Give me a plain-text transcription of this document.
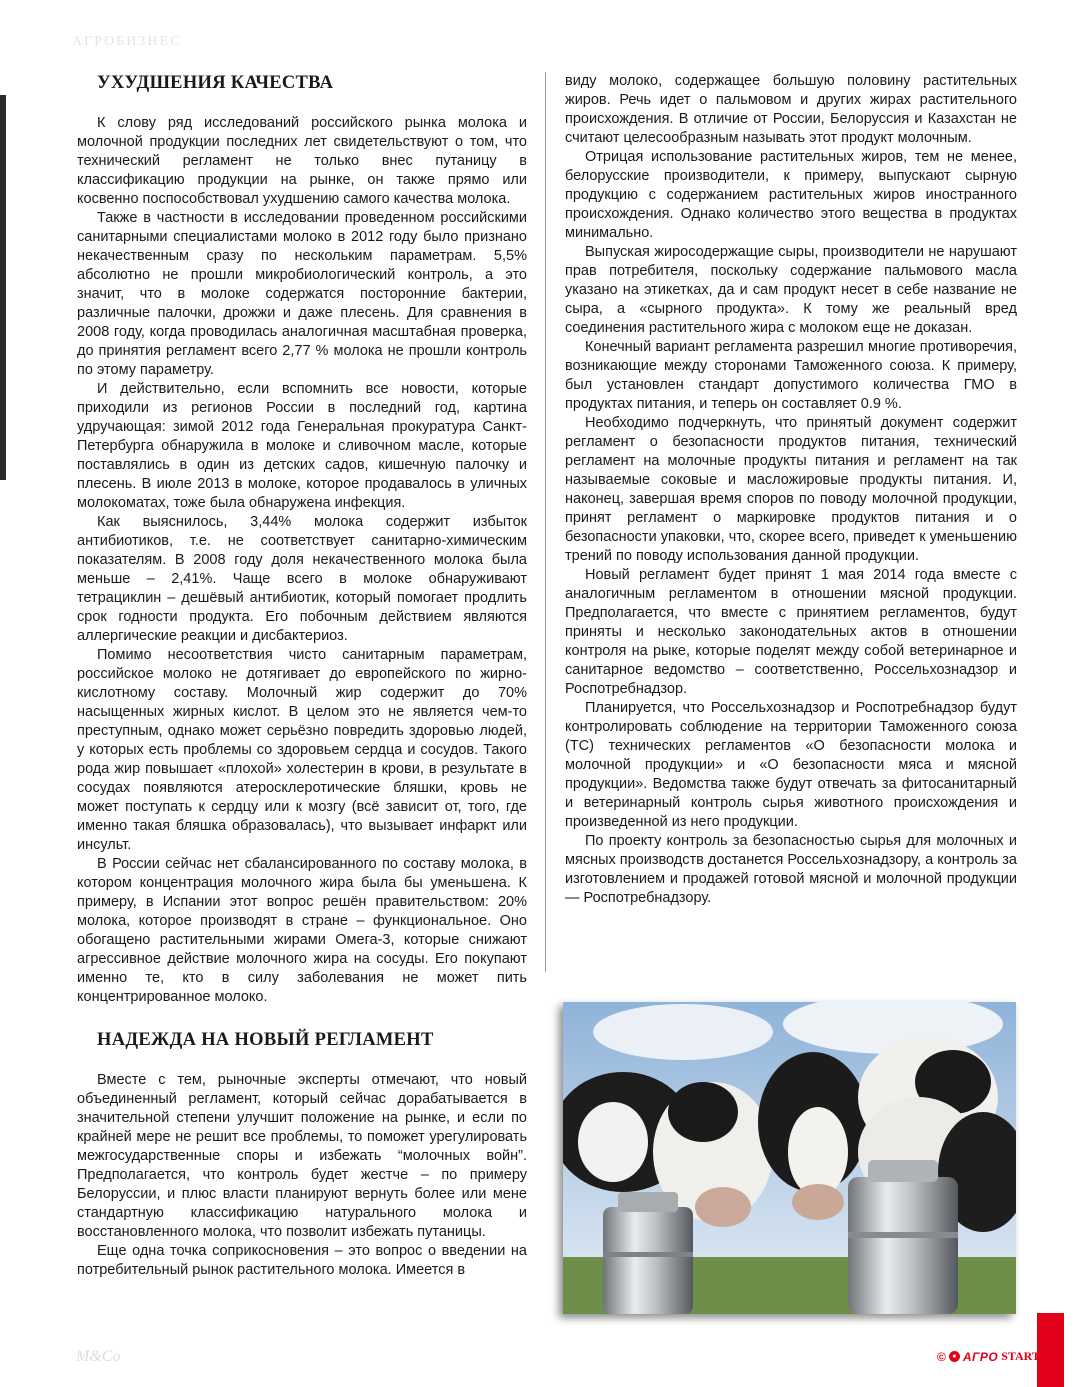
АГРОБИЗНЕС
УХУДШЕНИЯ КАЧЕСТВА

К слову ряд исследований российского рынка молока и молочной продукции последних лет свидетельствуют о том, что технический регламент не только внес путаницу в классификацию продукции на рынке, он также прямо или косвенно поспособствовал ухудшению самого качества молока.

Также в частности в исследовании проведенном российскими санитарными специалистами молоко в 2012 году было признано некачественным сразу по нескольким параметрам. 5,5% абсолютно не прошли микробиологический контроль, а это значит, что в молоке содержатся посторонние бактерии, различные палочки, дрожжи и даже плесень. Для сравнения в 2008 году, когда проводилась аналогичная масштабная проверка, до принятия регламент всего 2,77 % молока не прошли контроль по этому параметру.

И действительно, если вспомнить все новости, которые приходили из регионов России в последний год, картина удручающая: зимой 2012 года Генеральная прокуратура Санкт-Петербурга обнаружила в молоке и сливочном масле, которые поставлялись в один из детских садов, кишечную палочку и плесень. В июле 2013 в молоке, которое продавалось в уличных молокоматах, тоже была обнаружена инфекция.

Как выяснилось, 3,44% молока содержит избыток антибиотиков, т.е. не соответствует санитарно-химическим показателям. В 2008 году доля некачественного молока была меньше – 2,41%. Чаще всего в молоке обнаруживают тетрациклин – дешёвый антибиотик, который помогает продлить срок годности продукта. Его побочным действием являются аллергические реакции и дисбактериоз.

Помимо несоответствия чисто санитарным параметрам, российское молоко не дотягивает до европейского по жирно-кислотному составу. Молочный жир содержит до 70% насыщенных жирных кислот. В целом это не является чем-то преступным, однако может серьёзно повредить здоровью людей, у которых есть проблемы со здоровьем сердца и сосудов. Такого рода жир повышает «плохой» холестерин в крови, в результате в сосудах появляются атеросклеротические бляшки, кровь не может поступать к сердцу или к мозгу (всё зависит от, того, где именно такая бляшка образовалась), что вызывает инфаркт или инсульт.

В России сейчас нет сбалансированного по составу молока, в котором концентрация молочного жира была бы уменьшена. К примеру, в Испании этот вопрос решён правительством: 20% молока, которое производят в стране – функциональное. Оно обогащено растительными жирами Омега-3, которые снижают агрессивное действие молочного жира на сосуды. Его покупают именно те, кто в силу заболевания не может пить концентрированное молоко.

НАДЕЖДА НА НОВЫЙ РЕГЛАМЕНТ

Вместе с тем, рыночные эксперты отмечают, что новый объединенный регламент, который сейчас дорабатывается в значительной степени улучшит положение на рынке, и если по крайней мере не решит все проблемы, то поможет урегулировать межгосударственные споры и избежать “молочных войн”. Предполагается, что контроль будет жестче – по примеру Белоруссии, и плюс власти планируют вернуть более или мене стандартную классификацию натурального молока и восстановленного молока, что позволит избежать путаницы.

Еще одна точка соприкосновения – это вопрос о введении на потребительный рынок растительного молока. Имеется в

виду молоко, содержащее большую половину растительных жиров. Речь идет о пальмовом и других жирах растительного происхождения. В отличие от России, Белоруссия и Казахстан не считают целесообразным называть этот продукт молочным.

Отрицая использование растительных жиров, тем не менее, белорусские производители, к примеру, выпускают сырную продукцию с содержанием растительных жиров иностранного происхождения. Однако количество этого вещества в продуктах минимально.

Выпуская жиросодержащие сыры, производители не нарушают прав потребителя, поскольку содержание пальмового масла указано на этикетках, да и сам продукт несет в себе название не сыра, а «сырного продукта». К тому же реальный вред соединения растительного жира с молоком еще не доказан.

Конечный вариант регламента разрешил многие противоречия, возникающие между сторонами Таможенного союза. К примеру, был установлен стандарт допустимого количества ГМО в продуктах питания, и теперь он составляет 0.9 %.

Необходимо подчеркнуть, что принятый документ содержит регламент о безопасности продуктов питания, технический регламент на молочные продукты питания и регламент на так называемые соковые и масложировые продукты питания. И, наконец, завершая время споров по поводу молочной продукции, принят регламент о маркировке продуктов питания и о безопасности упаковки, что, скорее всего, приведет к уменьшению трений по поводу использования данной продукции.

Новый регламент будет принят 1 мая 2014 года вместе с аналогичным регламентом в отношении мясной продукции. Предполагается, что вместе с принятием регламентов, будут приняты и несколько законодательных актов в отношении контроля на рыке, которые поделят между собой ветеринарное и санитарное ведомство – соответственно, Россельхознадзор и Роспотребнадзор.

Планируется, что Россельхознадзор и Роспотребнадзор будут контролировать соблюдение на территории Таможенного союза (ТС) технических регламентов «О безопасности молока и молочной продукции» и «О безопасности мяса и мясной продукции». Ведомства также будут отвечать за фитосанитарный и ветеринарный контроль сырья животного происхождения и произведенной из него продукции.

По проекту контроль за безопасностью сырья для молочных и мясных производств достанется Россельхознадзору, а контроль за изготовлением и продажей готовой мясной и молочной продукции — Роспотребнадзору.

M&Co	© ● АГРО START
